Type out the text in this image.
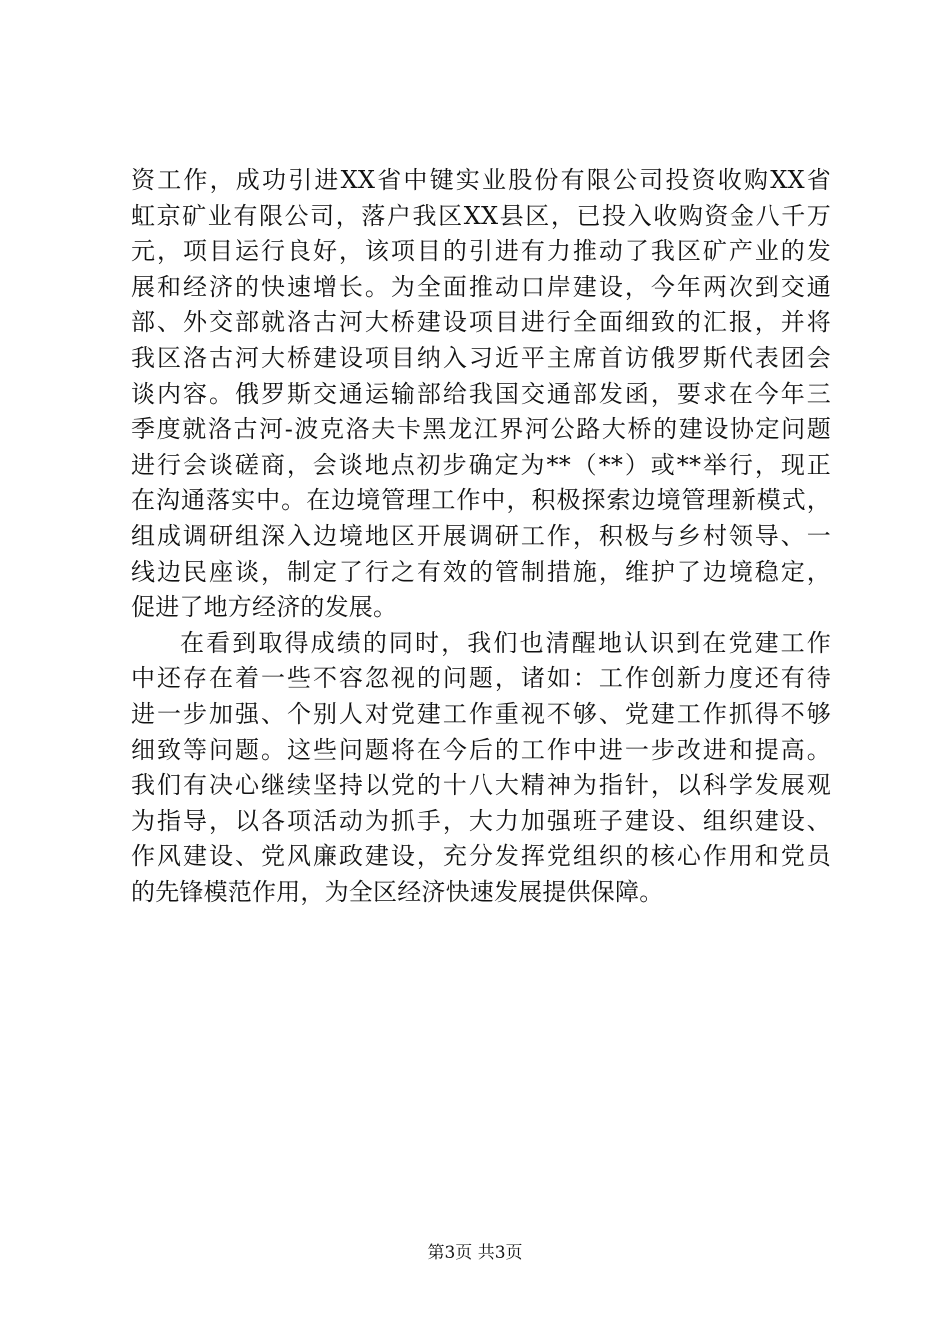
资工作，成功引进XX省中键实业股份有限公司投资收购XX省
虹京矿业有限公司，落户我区XX县区，已投入收购资金八千万
元，项目运行良好，该项目的引进有力推动了我区矿产业的发
展和经济的快速增长。为全面推动口岸建设，今年两次到交通
部、外交部就洛古河大桥建设项目进行全面细致的汇报，并将
我区洛古河大桥建设项目纳入习近平主席首访俄罗斯代表团会
谈内容。俄罗斯交通运输部给我国交通部发函，要求在今年三
季度就洛古河-波克洛夫卡黑龙江界河公路大桥的建设协定问题
进行会谈磋商，会谈地点初步确定为**（**）或**举行，现正
在沟通落实中。在边境管理工作中，积极探索边境管理新模式，
组成调研组深入边境地区开展调研工作，积极与乡村领导、一
线边民座谈，制定了行之有效的管制措施，维护了边境稳定，
促进了地方经济的发展。
在看到取得成绩的同时，我们也清醒地认识到在党建工作
中还存在着一些不容忽视的问题，诸如：工作创新力度还有待
进一步加强、个别人对党建工作重视不够、党建工作抓得不够
细致等问题。这些问题将在今后的工作中进一步改进和提高。
我们有决心继续坚持以党的十八大精神为指针，以科学发展观
为指导，以各项活动为抓手，大力加强班子建设、组织建设、
作风建设、党风廉政建设，充分发挥党组织的核心作用和党员
的先锋模范作用，为全区经济快速发展提供保障。
第3页 共3页
